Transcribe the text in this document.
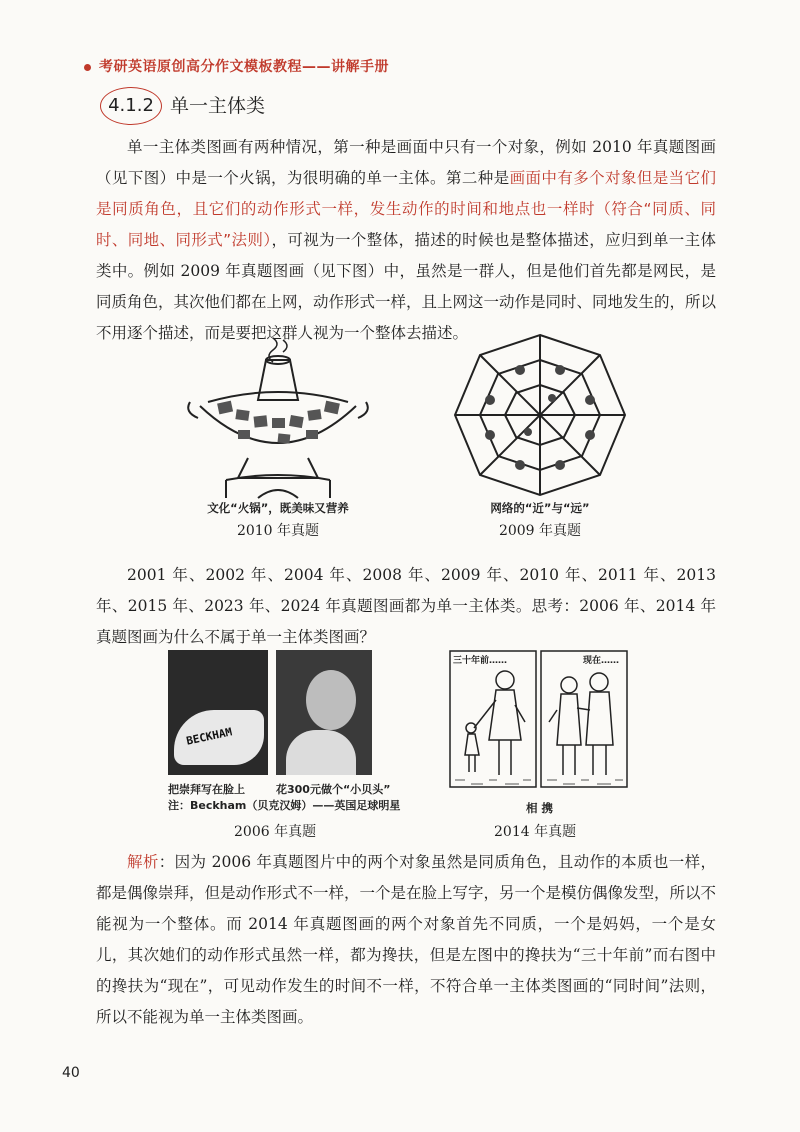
考研英语原创高分作文模板教程——讲解手册
4.1.2 单一主体类
单一主体类图画有两种情况，第一种是画面中只有一个对象，例如 2010 年真题图画（见下图）中是一个火锅，为很明确的单一主体。第二种是画面中有多个对象但是当它们是同质角色，且它们的动作形式一样，发生动作的时间和地点也一样时（符合“同质、同时、同地、同形式”法则），可视为一个整体，描述的时候也是整体描述，应归到单一主体类中。例如 2009 年真题图画（见下图）中，虽然是一群人，但是他们首先都是网民，是同质角色，其次他们都在上网，动作形式一样，且上网这一动作是同时、同地发生的，所以不用逐个描述，而是要把这群人视为一个整体去描述。
文化“火锅”，既美味又营养
2010 年真题
网络的“近”与“远”
2009 年真题
2001 年、2002 年、2004 年、2008 年、2009 年、2010 年、2011 年、2013 年、2015 年、2023 年、2024 年真题图画都为单一主体类。思考：2006 年、2014 年真题图画为什么不属于单一主体类图画？
BECKHAM
把崇拜写在脸上	花300元做个“小贝头”
注：Beckham（贝克汉姆）——英国足球明星
2006 年真题
三十年前……	现在……
相 携
2014 年真题
解析：因为 2006 年真题图片中的两个对象虽然是同质角色，且动作的本质也一样，都是偶像崇拜，但是动作形式不一样，一个是在脸上写字，另一个是模仿偶像发型，所以不能视为一个整体。而 2014 年真题图画的两个对象首先不同质，一个是妈妈，一个是女儿，其次她们的动作形式虽然一样，都为搀扶，但是左图中的搀扶为“三十年前”而右图中的搀扶为“现在”，可见动作发生的时间不一样，不符合单一主体类图画的“同时间”法则，所以不能视为单一主体类图画。
40
